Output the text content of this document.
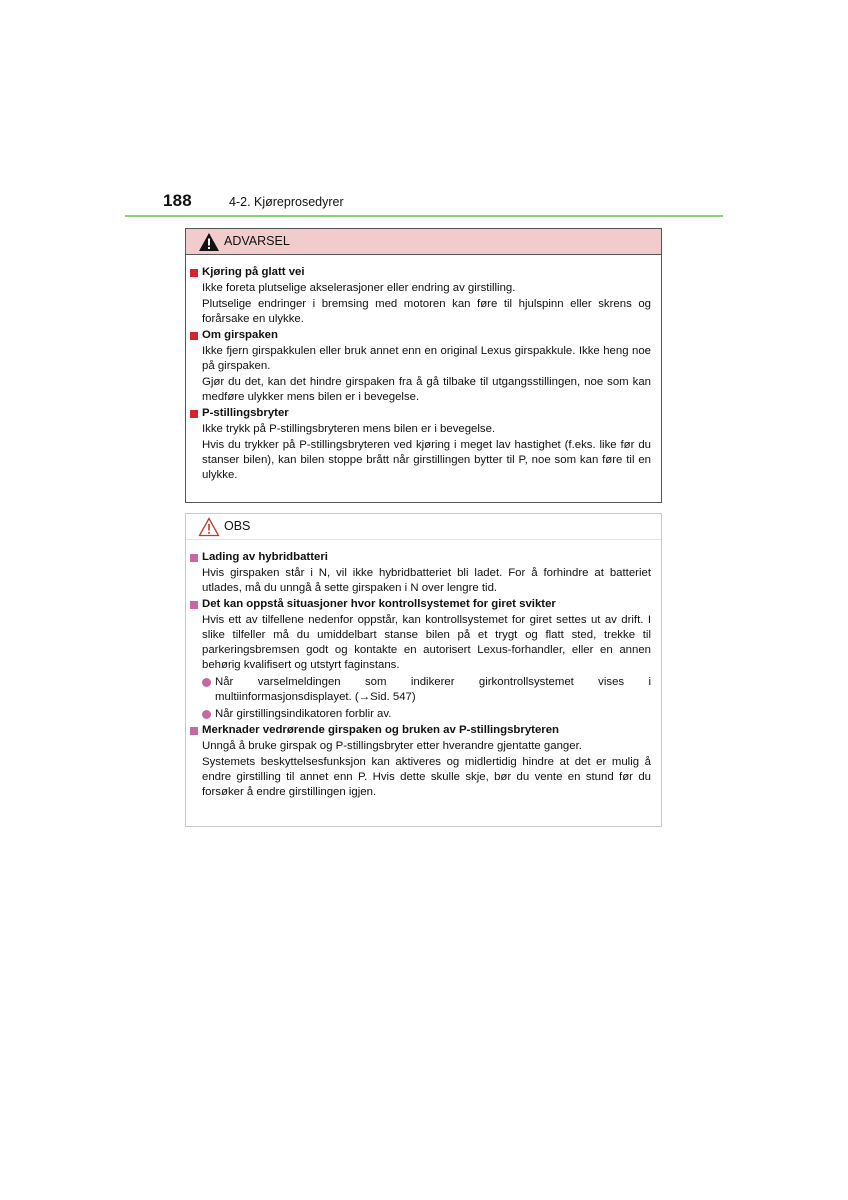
188	4-2. Kjøreprosedyrer
ADVARSEL
Kjøring på glatt vei
Ikke foreta plutselige akselerasjoner eller endring av girstilling.
Plutselige endringer i bremsing med motoren kan føre til hjulspinn eller skrens og forårsake en ulykke.
Om girspaken
Ikke fjern girspakkulen eller bruk annet enn en original Lexus girspakkule. Ikke heng noe på girspaken.
Gjør du det, kan det hindre girspaken fra å gå tilbake til utgangsstillingen, noe som kan medføre ulykker mens bilen er i bevegelse.
P-stillingsbryter
Ikke trykk på P-stillingsbryteren mens bilen er i bevegelse.
Hvis du trykker på P-stillingsbryteren ved kjøring i meget lav hastighet (f.eks. like før du stanser bilen), kan bilen stoppe brått når girstillingen bytter til P, noe som kan føre til en ulykke.
OBS
Lading av hybridbatteri
Hvis girspaken står i N, vil ikke hybridbatteriet bli ladet. For å forhindre at batteriet utlades, må du unngå å sette girspaken i N over lengre tid.
Det kan oppstå situasjoner hvor kontrollsystemet for giret svikter
Hvis ett av tilfellene nedenfor oppstår, kan kontrollsystemet for giret settes ut av drift. I slike tilfeller må du umiddelbart stanse bilen på et trygt og flatt sted, trekke til parkeringsbremsen godt og kontakte en autorisert Lexus-forhandler, eller en annen behørig kvalifisert og utstyrt faginstans.
Når varselmeldingen som indikerer girkontrollsystemet vises i multiinformasjonsdisplayet. (→Sid. 547)
Når girstillingsindikatoren forblir av.
Merknader vedrørende girspaken og bruken av P-stillingsbryteren
Unngå å bruke girspak og P-stillingsbryter etter hverandre gjentatte ganger.
Systemets beskyttelsesfunksjon kan aktiveres og midlertidig hindre at det er mulig å endre girstilling til annet enn P. Hvis dette skulle skje, bør du vente en stund før du forsøker å endre girstillingen igjen.
